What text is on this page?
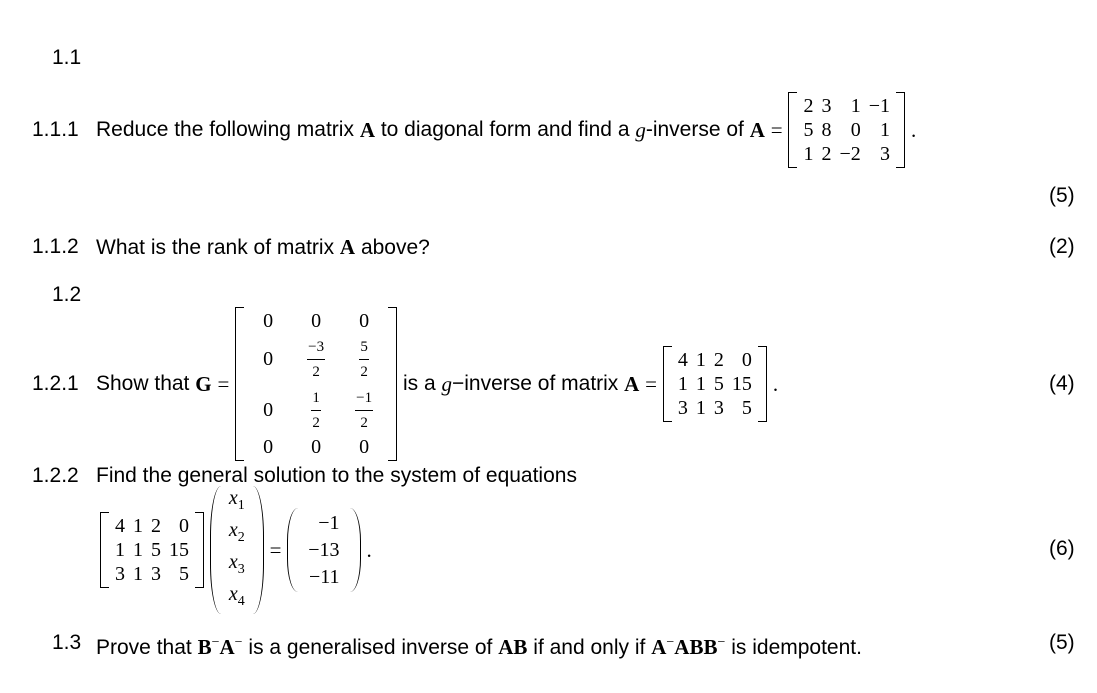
1.1
1.1.1 Reduce the following matrix
A
to diagonal form and find a
g -inverse of
A
=

2 3 1 −1
5 8 0 1
1 2 −2 3
.
(5)
1.1.2 What is the rank of matrix A above?	(2)
1.2
1.2.1 Show that
G
=

0	0	0
0	$\frac{-3}{2} \frac{5}{2}$
0	$\frac{1}{2} \frac{-1}{2}$
0	0	0

is a
g −inverse of matrix
A
=

4 1 2 0
1 1 5 15
3 1 3 5
.	(4)
1.2.2 Find the general solution to the system of equations
4 1 2 0
1 1 5 15
3 1 3 5

$x_1$
$x_2$
$x_3$
$x_4$

=

−1
−13
−11
.	(6)
1.3 Prove that B−A− is a generalised inverse of AB if and only if A−ABB− is idempotent.	(5)
